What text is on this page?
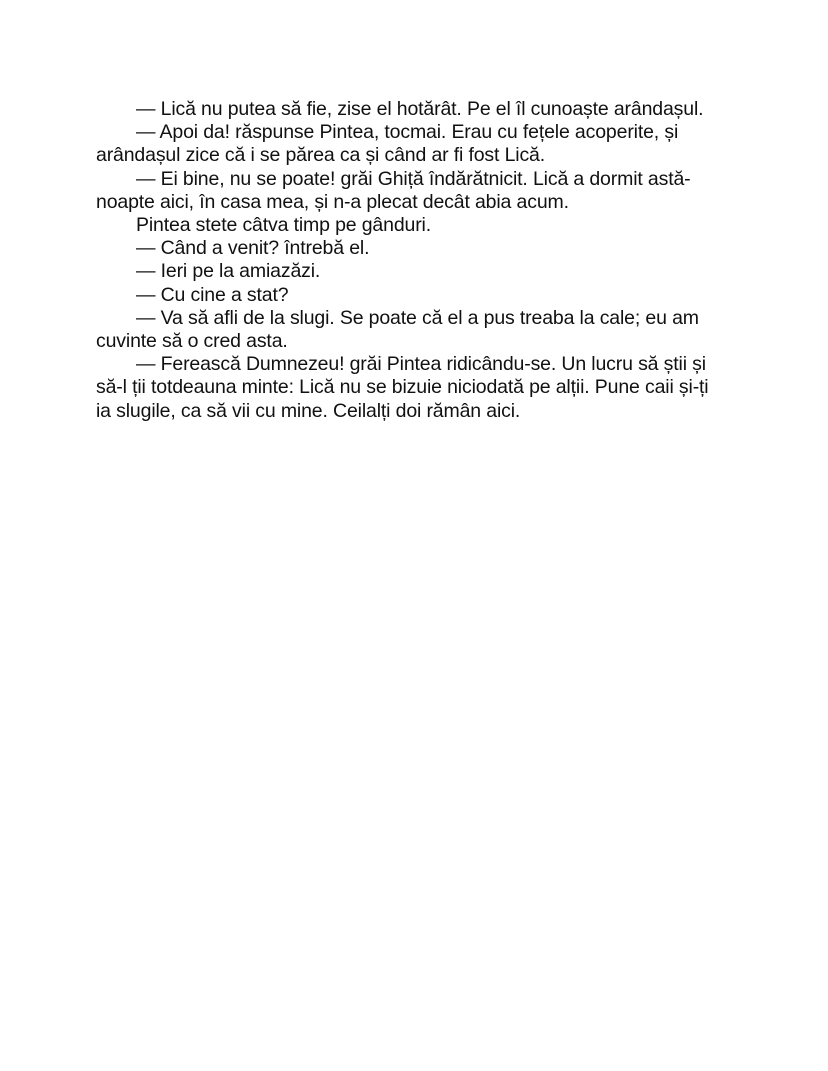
— Lică nu putea să fie, zise el hotărât. Pe el îl cunoaște arândașul.
— Apoi da! răspunse Pintea, tocmai. Erau cu fețele acoperite, și
arândașul zice că i se părea ca și când ar fi fost Lică.
— Ei bine, nu se poate! grăi Ghiță îndărătnicit. Lică a dormit astă-
noapte aici, în casa mea, și n-a plecat decât abia acum.
Pintea stete câtva timp pe gânduri.
— Când a venit? întrebă el.
— Ieri pe la amiazăzi.
— Cu cine a stat?
— Va să afli de la slugi. Se poate că el a pus treaba la cale; eu am
cuvinte să o cred asta.
— Ferească Dumnezeu! grăi Pintea ridicându-se. Un lucru să știi și
să-l ții totdeauna minte: Lică nu se bizuie niciodată pe alții. Pune caii și-ți
ia slugile, ca să vii cu mine. Ceilalți doi rămân aici.
